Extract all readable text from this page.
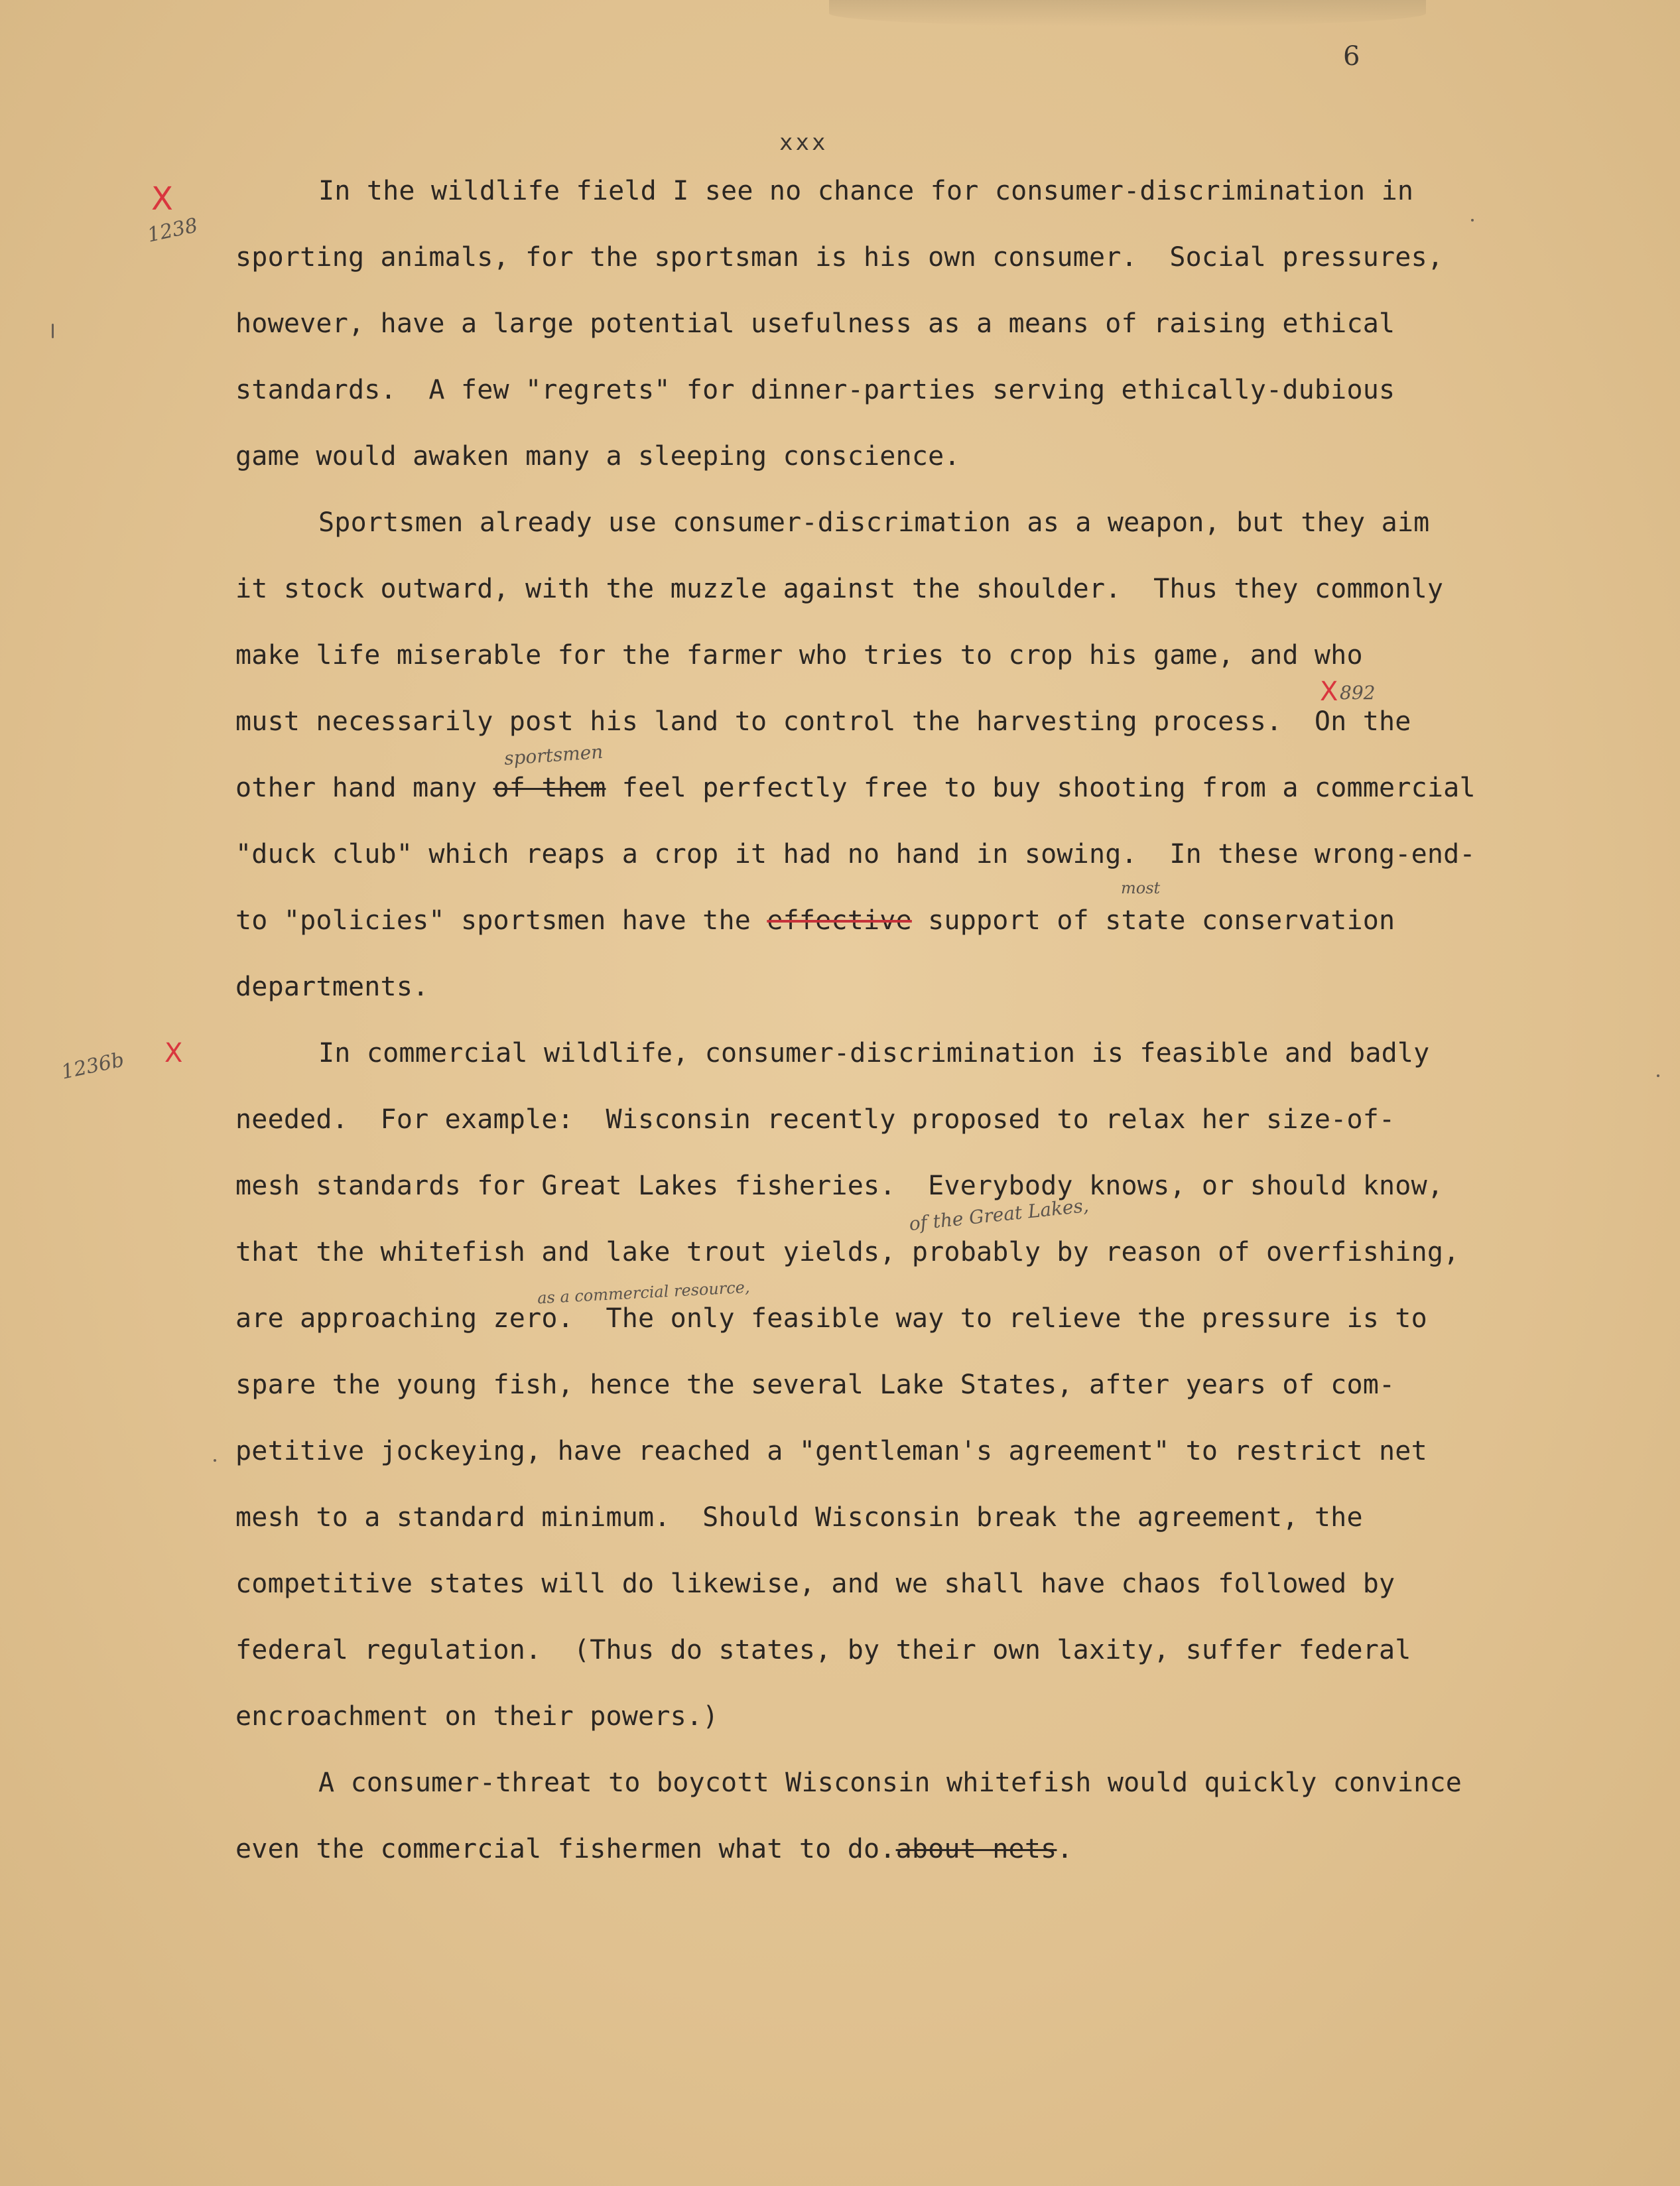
6
xxx
X
1238
X 892
1236b X
sportsmen
most
of the Great Lakes,
as a commercial resource,
In the wildlife field I see no chance for consumer-discrimination in
sporting animals, for the sportsman is his own consumer.  Social pressures,
however, have a large potential usefulness as a means of raising ethical
standards.  A few "regrets" for dinner-parties serving ethically-dubious
game would awaken many a sleeping conscience.
Sportsmen already use consumer-discrimation as a weapon, but they aim
it stock outward, with the muzzle against the shoulder.  Thus they commonly
make life miserable for the farmer who tries to crop his game, and who
must necessarily post his land to control the harvesting process.  On the
other hand many of them feel perfectly free to buy shooting from a commercial
"duck club" which reaps a crop it had no hand in sowing.  In these wrong-end-
to "policies" sportsmen have the effective support of state conservation
departments.
In commercial wildlife, consumer-discrimination is feasible and badly
needed.  For example:  Wisconsin recently proposed to relax her size-of-
mesh standards for Great Lakes fisheries.  Everybody knows, or should know,
that the whitefish and lake trout yields, probably by reason of overfishing,
are approaching zero.  The only feasible way to relieve the pressure is to
spare the young fish, hence the several Lake States, after years of com-
petitive jockeying, have reached a "gentleman's agreement" to restrict net
mesh to a standard minimum.  Should Wisconsin break the agreement, the
competitive states will do likewise, and we shall have chaos followed by
federal regulation.  (Thus do states, by their own laxity, suffer federal
encroachment on their powers.)
A consumer-threat to boycott Wisconsin whitefish would quickly convince
even the commercial fishermen what to do.about nets.
